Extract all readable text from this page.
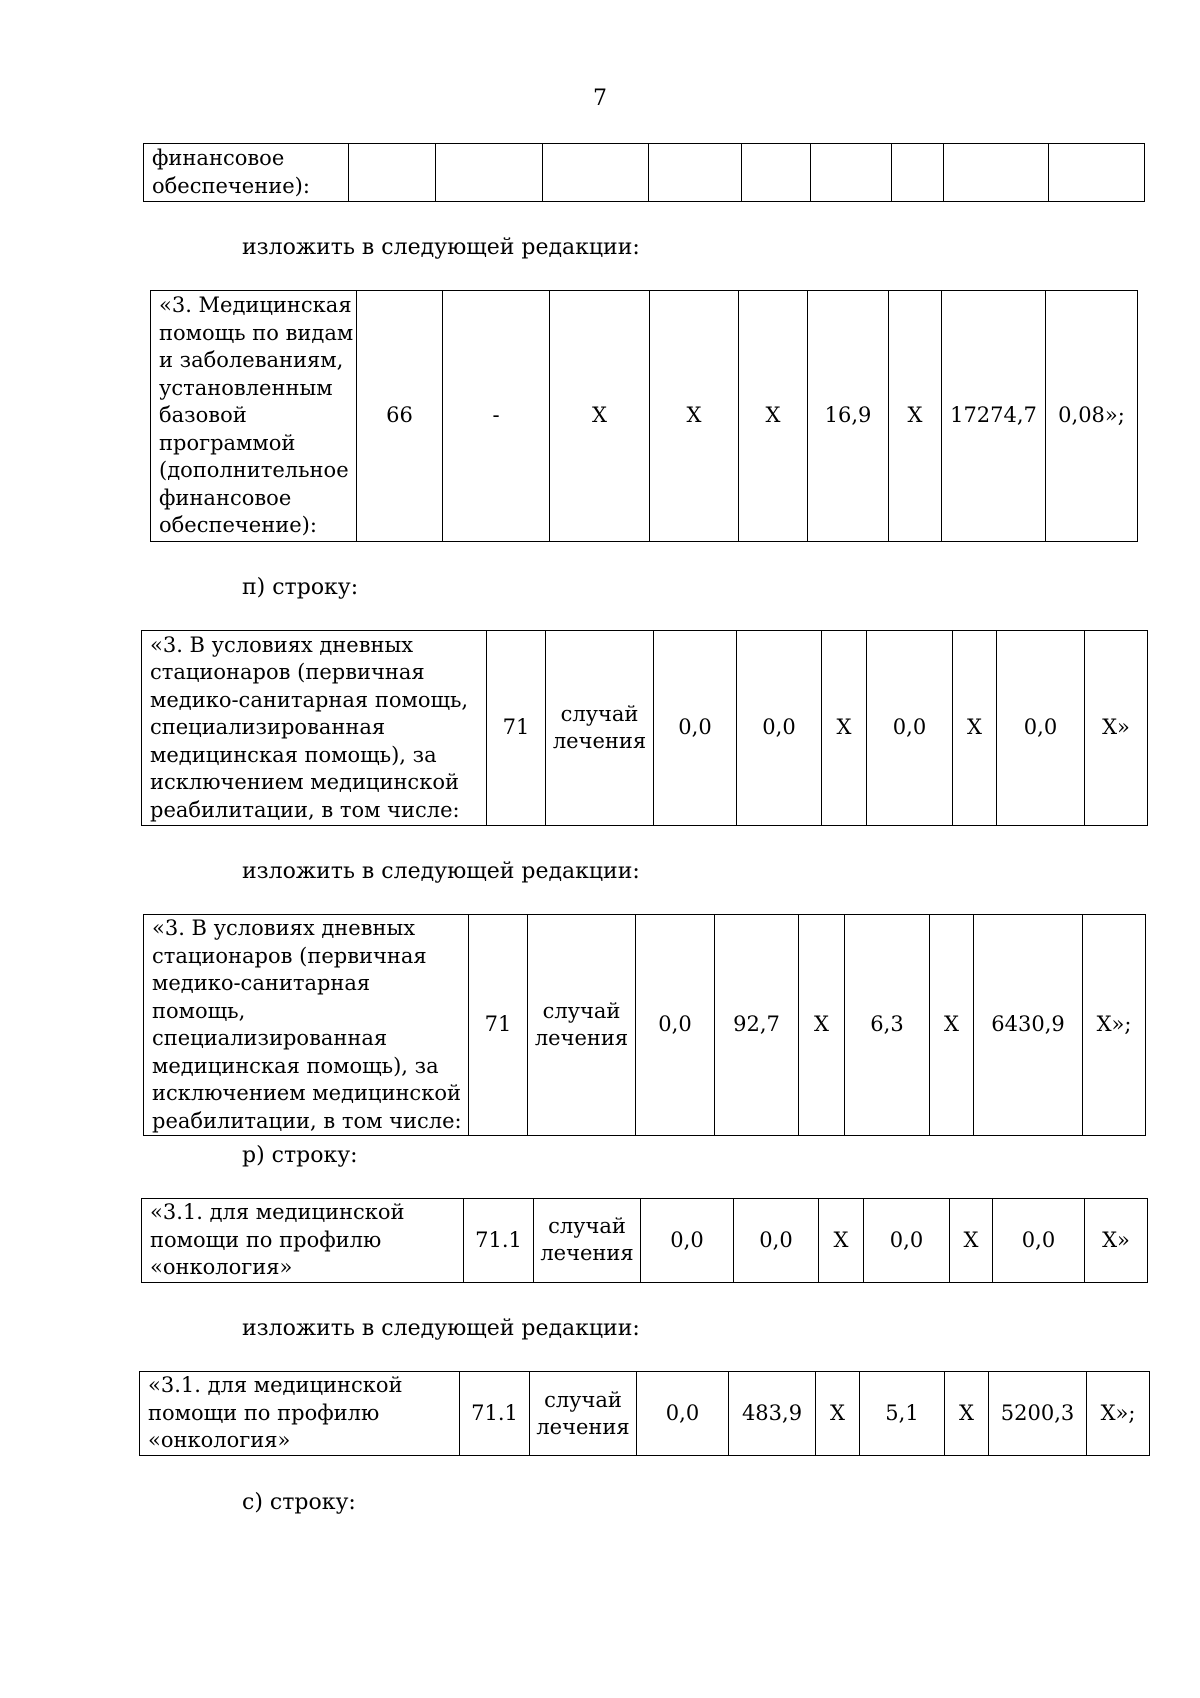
7
финансовое
обеспечение):									
изложить в следующей редакции:
«3. Медицинская
помощь по видам
и заболеваниям,
установленным
базовой
программой
(дополнительное
финансовое
обеспечение):	66	-	Х	Х	Х	16,9	Х	17274,7	0,08»;
п) строку:
«3. В условиях дневных
стационаров (первичная
медико-санитарная помощь,
специализированная
медицинская помощь), за
исключением медицинской
реабилитации, в том числе:	71	случай
лечения	0,0	0,0	Х	0,0	Х	0,0	Х»
изложить в следующей редакции:
«3. В условиях дневных
стационаров (первичная
медико-санитарная помощь,
специализированная
медицинская помощь), за
исключением медицинской
реабилитации, в том числе:	71	случай
лечения	0,0	92,7	Х	6,3	Х	6430,9	Х»;
р) строку:
«3.1. для медицинской
помощи по профилю
«онкология»	71.1	случай
лечения	0,0	0,0	Х	0,0	Х	0,0	Х»
изложить в следующей редакции:
«3.1. для медицинской
помощи по профилю
«онкология»	71.1	случай
лечения	0,0	483,9	Х	5,1	Х	5200,3	Х»;
с) строку:
